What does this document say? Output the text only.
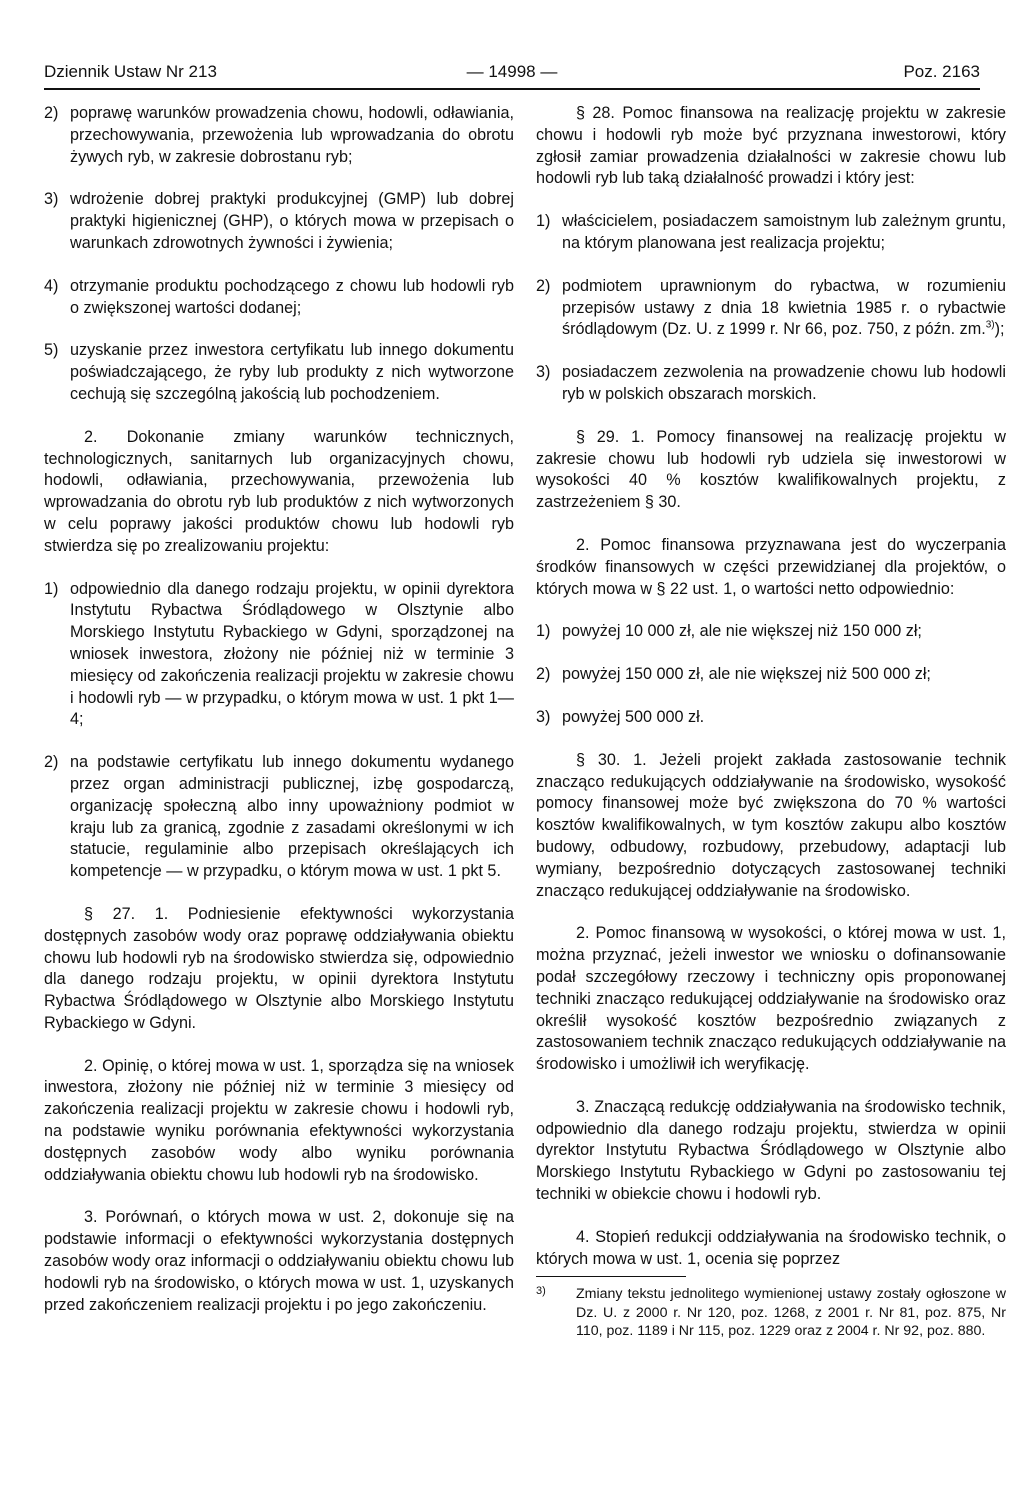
Dziennik Ustaw Nr 213	— 14998 —	Poz. 2163
2) poprawę warunków prowadzenia chowu, hodowli, odławiania, przechowywania, przewożenia lub wprowadzania do obrotu żywych ryb, w zakresie dobrostanu ryb;
3) wdrożenie dobrej praktyki produkcyjnej (GMP) lub dobrej praktyki higienicznej (GHP), o których mowa w przepisach o warunkach zdrowotnych żywności i żywienia;
4) otrzymanie produktu pochodzącego z chowu lub hodowli ryb o zwiększonej wartości dodanej;
5) uzyskanie przez inwestora certyfikatu lub innego dokumentu poświadczającego, że ryby lub produkty z nich wytworzone cechują się szczególną jakością lub pochodzeniem.

2. Dokonanie zmiany warunków technicznych, technologicznych, sanitarnych lub organizacyjnych chowu, hodowli, odławiania, przechowywania, przewożenia lub wprowadzania do obrotu ryb lub produktów z nich wytworzonych w celu poprawy jakości produktów chowu lub hodowli ryb stwierdza się po zrealizowaniu projektu:

1) odpowiednio dla danego rodzaju projektu, w opinii dyrektora Instytutu Rybactwa Śródlądowego w Olsztynie albo Morskiego Instytutu Rybackiego w Gdyni, sporządzonej na wniosek inwestora, złożony nie później niż w terminie 3 miesięcy od zakończenia realizacji projektu w zakresie chowu i hodowli ryb — w przypadku, o którym mowa w ust. 1 pkt 1—4;
2) na podstawie certyfikatu lub innego dokumentu wydanego przez organ administracji publicznej, izbę gospodarczą, organizację społeczną albo inny upoważniony podmiot w kraju lub za granicą, zgodnie z zasadami określonymi w ich statucie, regulaminie albo przepisach określających ich kompetencje — w przypadku, o którym mowa w ust. 1 pkt 5.

§ 27. 1. Podniesienie efektywności wykorzystania dostępnych zasobów wody oraz poprawę oddziaływania obiektu chowu lub hodowli ryb na środowisko stwierdza się, odpowiednio dla danego rodzaju projektu, w opinii dyrektora Instytutu Rybactwa Śródlądowego w Olsztynie albo Morskiego Instytutu Rybackiego w Gdyni.

2. Opinię, o której mowa w ust. 1, sporządza się na wniosek inwestora, złożony nie później niż w terminie 3 miesięcy od zakończenia realizacji projektu w zakresie chowu i hodowli ryb, na podstawie wyniku porównania efektywności wykorzystania dostępnych zasobów wody albo wyniku porównania oddziaływania obiektu chowu lub hodowli ryb na środowisko.

3. Porównań, o których mowa w ust. 2, dokonuje się na podstawie informacji o efektywności wykorzystania dostępnych zasobów wody oraz informacji o oddziaływaniu obiektu chowu lub hodowli ryb na środowisko, o których mowa w ust. 1, uzyskanych przed zakończeniem realizacji projektu i po jego zakończeniu.

§ 28. Pomoc finansowa na realizację projektu w zakresie chowu i hodowli ryb może być przyznana inwestorowi, który zgłosił zamiar prowadzenia działalności w zakresie chowu lub hodowli ryb lub taką działalność prowadzi i który jest:

1) właścicielem, posiadaczem samoistnym lub zależnym gruntu, na którym planowana jest realizacja projektu;
2) podmiotem uprawnionym do rybactwa, w rozumieniu przepisów ustawy z dnia 18 kwietnia 1985 r. o rybactwie śródlądowym (Dz. U. z 1999 r. Nr 66, poz. 750, z późn. zm.$^{3)}$);
3) posiadaczem zezwolenia na prowadzenie chowu lub hodowli ryb w polskich obszarach morskich.

§ 29. 1. Pomocy finansowej na realizację projektu w zakresie chowu lub hodowli ryb udziela się inwestorowi w wysokości 40 % kosztów kwalifikowalnych projektu, z zastrzeżeniem § 30.

2. Pomoc finansowa przyznawana jest do wyczerpania środków finansowych w części przewidzianej dla projektów, o których mowa w § 22 ust. 1, o wartości netto odpowiednio:

1) powyżej 10 000 zł, ale nie większej niż 150 000 zł;
2) powyżej 150 000 zł, ale nie większej niż 500 000 zł;
3) powyżej 500 000 zł.

§ 30. 1. Jeżeli projekt zakłada zastosowanie technik znacząco redukujących oddziaływanie na środowisko, wysokość pomocy finansowej może być zwiększona do 70 % wartości kosztów kwalifikowalnych, w tym kosztów zakupu albo kosztów budowy, odbudowy, rozbudowy, przebudowy, adaptacji lub wymiany, bezpośrednio dotyczących zastosowanej techniki znacząco redukującej oddziaływanie na środowisko.

2. Pomoc finansową w wysokości, o której mowa w ust. 1, można przyznać, jeżeli inwestor we wniosku o dofinansowanie podał szczegółowy rzeczowy i techniczny opis proponowanej techniki znacząco redukującej oddziaływanie na środowisko oraz określił wysokość kosztów bezpośrednio związanych z zastosowaniem technik znacząco redukujących oddziaływanie na środowisko i umożliwił ich weryfikację.

3. Znaczącą redukcję oddziaływania na środowisko technik, odpowiednio dla danego rodzaju projektu, stwierdza w opinii dyrektor Instytutu Rybactwa Śródlądowego w Olsztynie albo Morskiego Instytutu Rybackiego w Gdyni po zastosowaniu tej techniki w obiekcie chowu i hodowli ryb.

4. Stopień redukcji oddziaływania na środowisko technik, o których mowa w ust. 1, ocenia się poprzez

3)	Zmiany tekstu jednolitego wymienionej ustawy zostały ogłoszone w Dz. U. z 2000 r. Nr 120, poz. 1268, z 2001 r. Nr 81, poz. 875, Nr 110, poz. 1189 i Nr 115, poz. 1229 oraz z 2004 r. Nr 92, poz. 880.
